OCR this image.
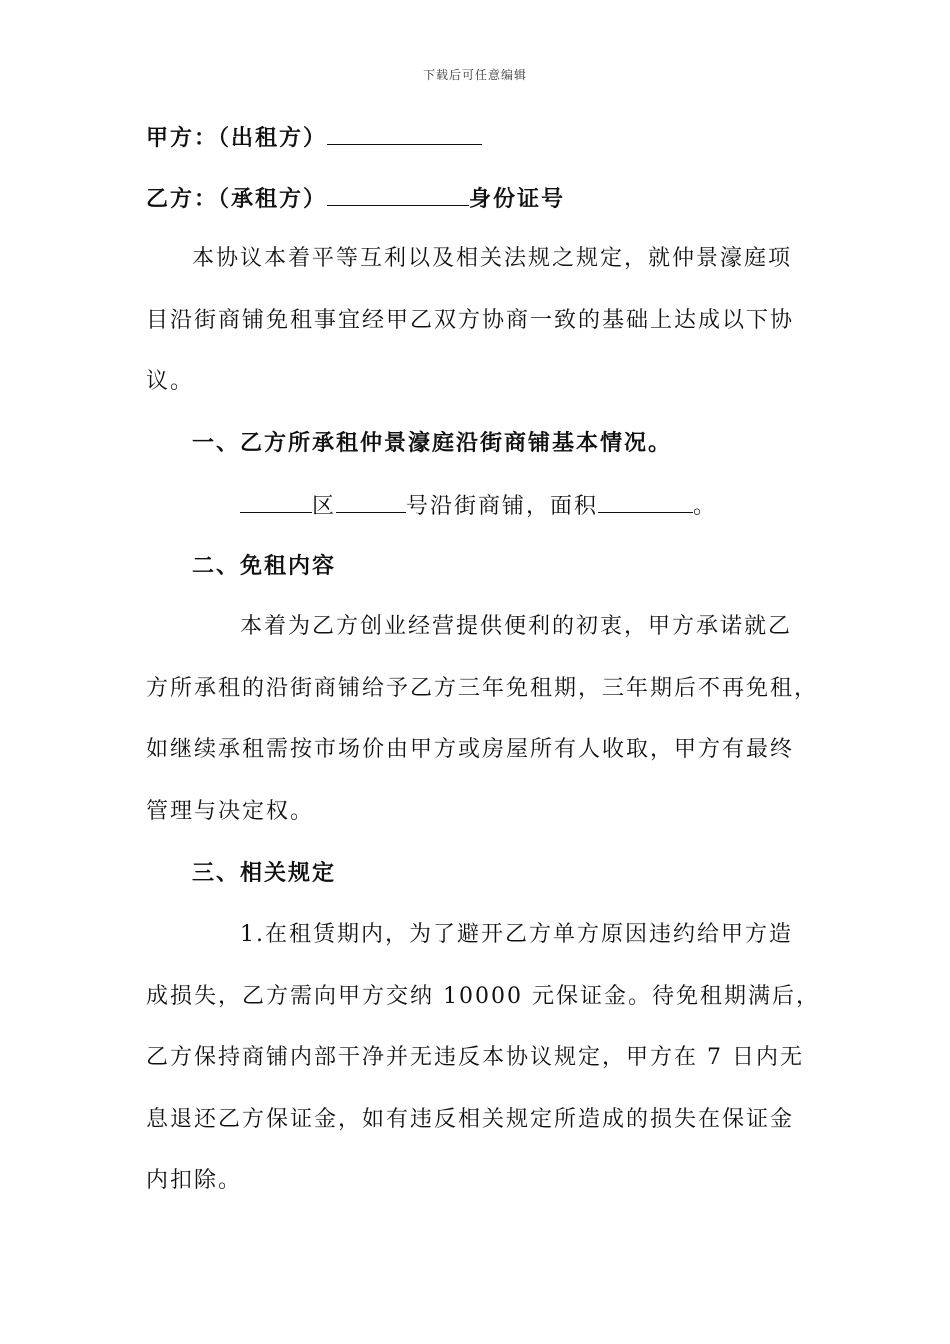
下载后可任意编辑
甲方：（出租方）
乙方：（承租方）	身份证号
本协议本着平等互利以及相关法规之规定，就仲景濠庭项
目沿街商铺免租事宜经甲乙双方协商一致的基础上达成以下协
议。
一、乙方所承租仲景濠庭沿街商铺基本情况。
区	号沿街商铺，面积	。
二、免租内容
本着为乙方创业经营提供便利的初衷，甲方承诺就乙
方所承租的沿街商铺给予乙方三年免租期，三年期后不再免租，
如继续承租需按市场价由甲方或房屋所有人收取，甲方有最终
管理与决定权。
三、相关规定
1.在租赁期内，为了避开乙方单方原因违约给甲方造
成损失，乙方需向甲方交纳 10000 元保证金。待免租期满后，
乙方保持商铺内部干净并无违反本协议规定，甲方在 7 日内无
息退还乙方保证金，如有违反相关规定所造成的损失在保证金
内扣除。
